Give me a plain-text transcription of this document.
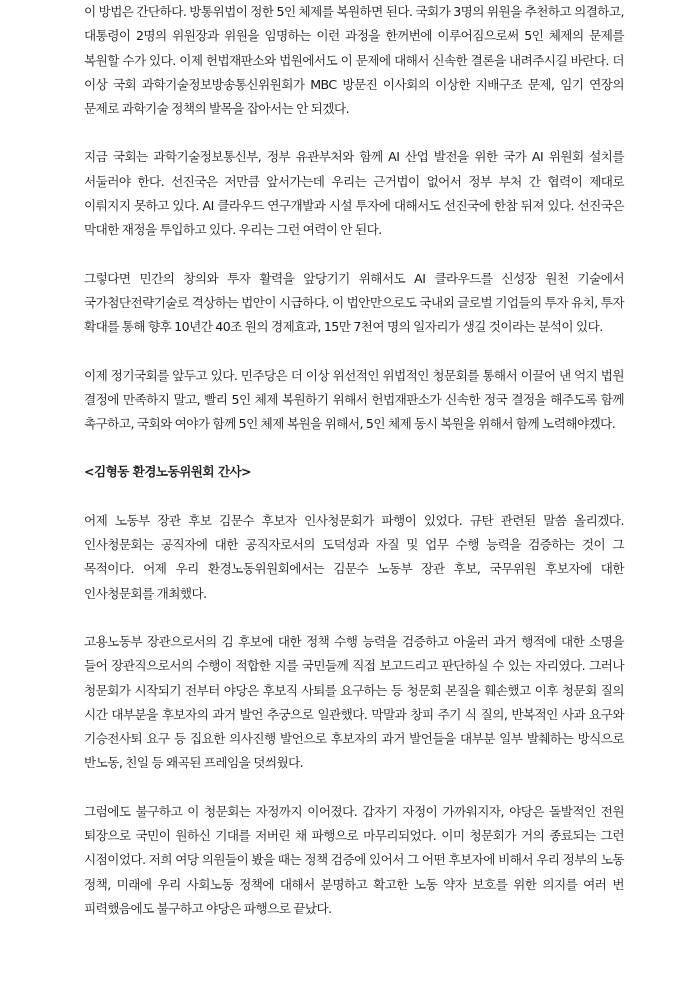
이 방법은 간단하다. 방통위법이 정한 5인 체제를 복원하면 된다. 국회가 3명의 위원을 추천하고 의결하고, 대통령이 2명의 위원장과 위원을 임명하는 이런 과정을 한꺼번에 이루어짐으로써 5인 체제의 문제를 복원할 수가 있다. 이제 헌법재판소와 법원에서도 이 문제에 대해서 신속한 결론을 내려주시길 바란다. 더 이상 국회 과학기술정보방송통신위원회가 MBC 방문진 이사회의 이상한 지배구조 문제, 임기 연장의 문제로 과학기술 정책의 발목을 잡아서는 안 되겠다.

지금 국회는 과학기술정보통신부, 정부 유관부처와 함께 AI 산업 발전을 위한 국가 AI 위원회 설치를 서둘러야 한다. 선진국은 저만큼 앞서가는데 우리는 근거법이 없어서 정부 부처 간 협력이 제대로 이뤄지지 못하고 있다. AI 클라우드 연구개발과 시설 투자에 대해서도 선진국에 한참 뒤져 있다. 선진국은 막대한 재정을 투입하고 있다. 우리는 그런 여력이 안 된다.

그렇다면 민간의 창의와 투자 활력을 앞당기기 위해서도 AI 클라우드를 신성장 원천 기술에서 국가첨단전략기술로 격상하는 법안이 시급하다. 이 법안만으로도 국내외 글로벌 기업들의 투자 유치, 투자 확대를 통해 향후 10년간 40조 원의 경제효과, 15만 7천여 명의 일자리가 생길 것이라는 분석이 있다.

이제 정기국회를 앞두고 있다. 민주당은 더 이상 위선적인 위법적인 청문회를 통해서 이끌어 낸 억지 법원 결정에 만족하지 말고, 빨리 5인 체제 복원하기 위해서 헌법재판소가 신속한 정국 결정을 해주도록 함께 촉구하고, 국회와 여야가 함께 5인 체제 복원을 위해서, 5인 체제 동시 복원을 위해서 함께 노력해야겠다.

<김형동 환경노동위원회 간사>

어제 노동부 장관 후보 김문수 후보자 인사청문회가 파행이 있었다. 규탄 관련된 말씀 올리겠다. 인사청문회는 공직자에 대한 공직자로서의 도덕성과 자질 및 업무 수행 능력을 검증하는 것이 그 목적이다. 어제 우리 환경노동위원회에서는 김문수 노동부 장관 후보, 국무위원 후보자에 대한 인사청문회를 개최했다.

고용노동부 장관으로서의 김 후보에 대한 정책 수행 능력을 검증하고 아울러 과거 행적에 대한 소명을 들어 장관직으로서의 수행이 적합한 지를 국민들께 직접 보고드리고 판단하실 수 있는 자리였다. 그러나 청문회가 시작되기 전부터 야당은 후보직 사퇴를 요구하는 등 청문회 본질을 훼손했고 이후 청문회 질의 시간 대부분을 후보자의 과거 발언 추궁으로 일관했다. 막말과 창피 주기 식 질의, 반복적인 사과 요구와 기승전사퇴 요구 등 집요한 의사진행 발언으로 후보자의 과거 발언들을 대부분 일부 발췌하는 방식으로 반노동, 친일 등 왜곡된 프레임을 덧씌웠다.

그럼에도 불구하고 이 청문회는 자정까지 이어졌다. 갑자기 자정이 가까워지자, 야당은 돌발적인 전원 퇴장으로 국민이 원하신 기대를 저버린 채 파행으로 마무리되었다. 이미 청문회가 거의 종료되는 그런 시점이었다. 저희 여당 의원들이 봤을 때는 정책 검증에 있어서 그 어떤 후보자에 비해서 우리 정부의 노동 정책, 미래에 우리 사회노동 정책에 대해서 분명하고 확고한 노동 약자 보호를 위한 의지를 여러 번 피력했음에도 불구하고 야당은 파행으로 끝났다.
